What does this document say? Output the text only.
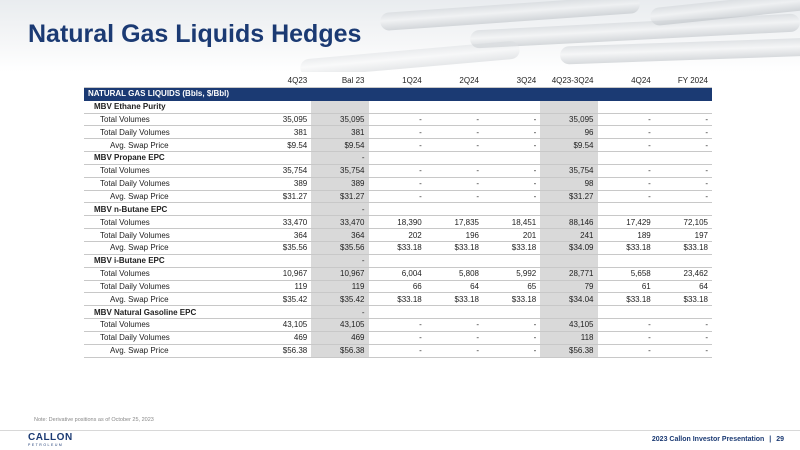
Natural Gas Liquids Hedges
	4Q23	Bal 23	1Q24	2Q24	3Q24	4Q23-3Q24	4Q24	FY 2024
NATURAL GAS LIQUIDS (Bbls, $/Bbl)								
MBV Ethane Purity								
Total Volumes	35,095	35,095	-	-	-	35,095	-	-
Total Daily Volumes	381	381	-	-	-	96	-	-
Avg. Swap Price	$9.54	$9.54	-	-	-	$9.54	-	-
MBV Propane EPC		-						
Total Volumes	35,754	35,754	-	-	-	35,754	-	-
Total Daily Volumes	389	389	-	-	-	98	-	-
Avg. Swap Price	$31.27	$31.27	-	-	-	$31.27	-	-
MBV n-Butane EPC		-						
Total Volumes	33,470	33,470	18,390	17,835	18,451	88,146	17,429	72,105
Total Daily Volumes	364	364	202	196	201	241	189	197
Avg. Swap Price	$35.56	$35.56	$33.18	$33.18	$33.18	$34.09	$33.18	$33.18
MBV i-Butane EPC		-						
Total Volumes	10,967	10,967	6,004	5,808	5,992	28,771	5,658	23,462
Total Daily Volumes	119	119	66	64	65	79	61	64
Avg. Swap Price	$35.42	$35.42	$33.18	$33.18	$33.18	$34.04	$33.18	$33.18
MBV Natural Gasoline EPC		-						
Total Volumes	43,105	43,105	-	-	-	43,105	-	-
Total Daily Volumes	469	469	-	-	-	118	-	-
Avg. Swap Price	$56.38	$56.38	-	-	-	$56.38	-	-
Note: Derivative positions as of October 25, 2023
CALLON
PETROLEUM
2023 Callon Investor Presentation | 29
